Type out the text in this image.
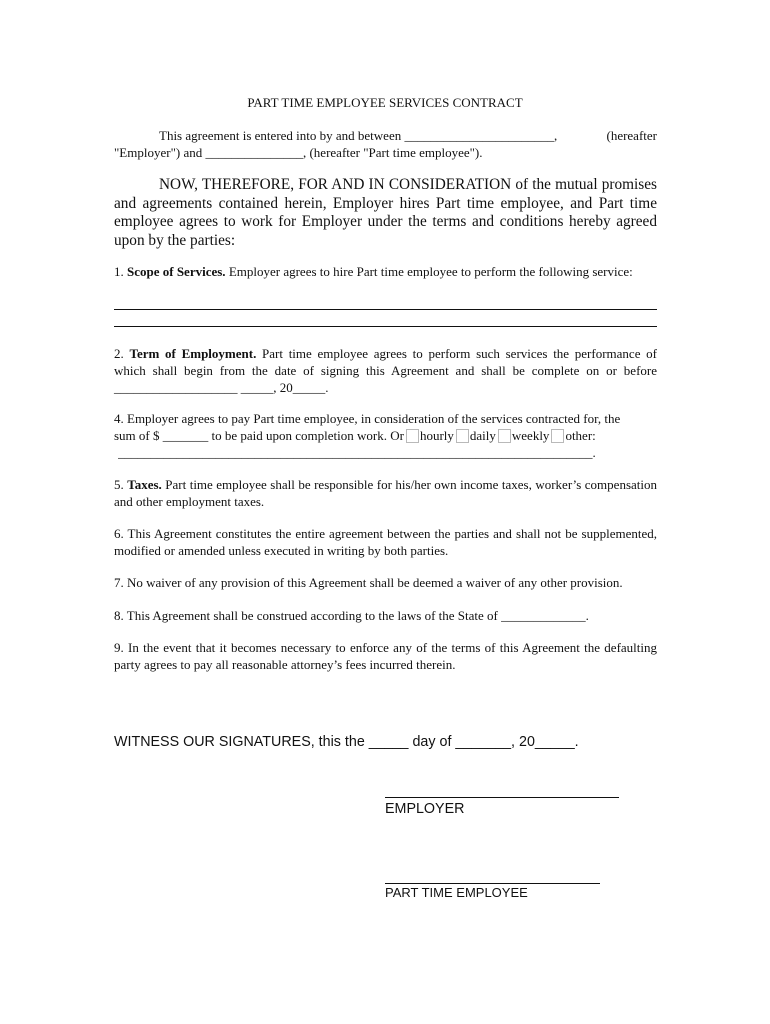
PART TIME EMPLOYEE SERVICES CONTRACT
This agreement is entered into by and between _______________________,	(hereafter
"Employer") and _______________, (hereafter "Part time employee").
NOW, THEREFORE, FOR AND IN CONSIDERATION of the mutual promises and agreements contained herein, Employer hires Part time employee, and Part time employee agrees to work for Employer under the terms and conditions hereby agreed upon by the parties:
1. Scope of Services. Employer agrees to hire Part time employee to perform the following service:
2. Term of Employment. Part time employee agrees to perform such services the performance of which shall begin from the date of signing this Agreement and shall be complete on or before ___________________ _____, 20_____.
4. Employer agrees to pay Part time employee, in consideration of the services contracted for, the
sum of $ _______ to be paid upon completion work. Or hourly daily weekly other:
_________________________________________________________________________.
5. Taxes. Part time employee shall be responsible for his/her own income taxes, worker’s compensation and other employment taxes.
6. This Agreement constitutes the entire agreement between the parties and shall not be supplemented, modified or amended unless executed in writing by both parties.
7. No waiver of any provision of this Agreement shall be deemed a waiver of any other provision.
8. This Agreement shall be construed according to the laws of the State of _____________.
9. In the event that it becomes necessary to enforce any of the terms of this Agreement the defaulting party agrees to pay all reasonable attorney’s fees incurred therein.
WITNESS OUR SIGNATURES, this the _____ day of _______, 20_____.
EMPLOYER
PART TIME EMPLOYEE
